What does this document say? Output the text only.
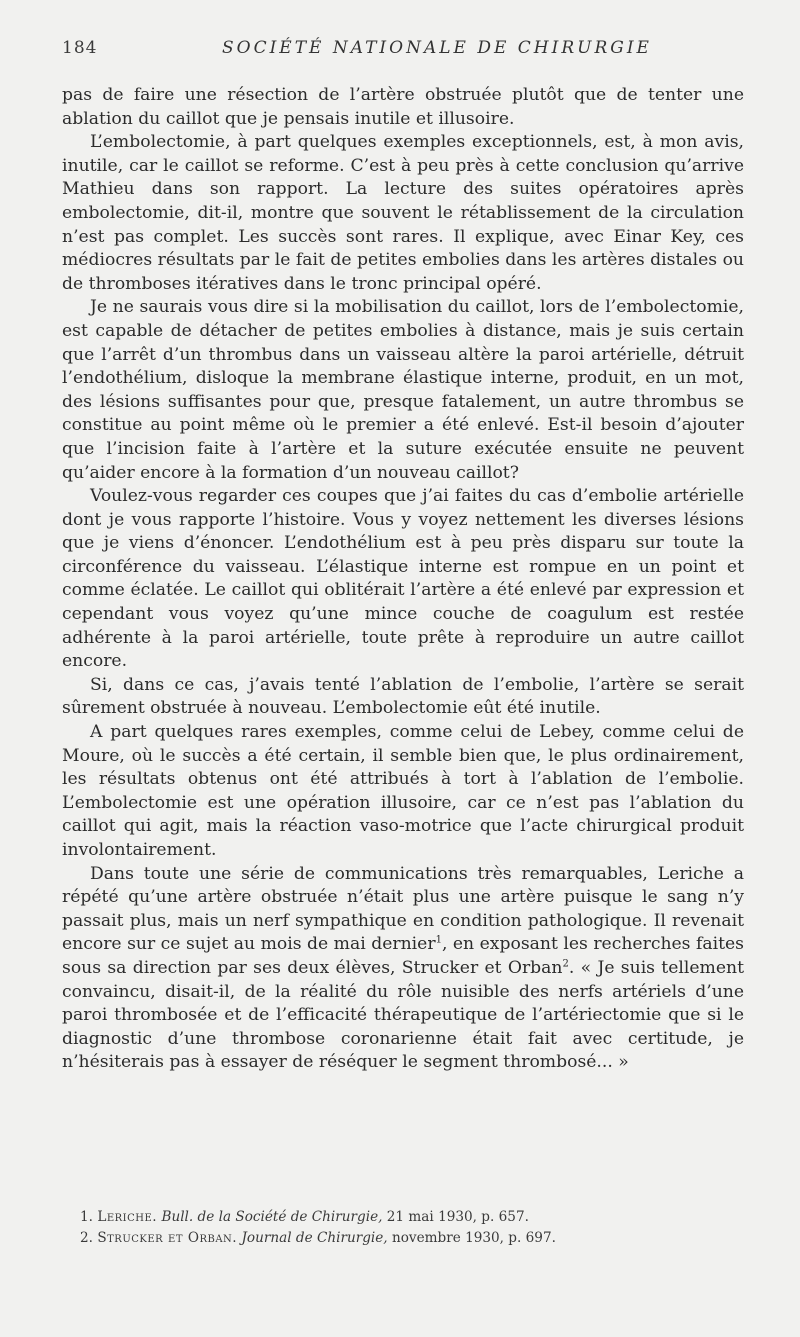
184	SOCIÉTÉ NATIONALE DE CHIRURGIE

pas de faire une résection de l’artère obstruée plutôt que de tenter une ablation du caillot que je pensais inutile et illusoire.

L’embolectomie, à part quelques exemples exceptionnels, est, à mon avis, inutile, car le caillot se reforme. C’est à peu près à cette conclusion qu’arrive Mathieu dans son rapport. La lecture des suites opératoires après embolectomie, dit-il, montre que souvent le rétablissement de la circulation n’est pas complet. Les succès sont rares. Il explique, avec Einar Key, ces médiocres résultats par le fait de petites embolies dans les artères distales ou de thromboses itératives dans le tronc principal opéré.

Je ne saurais vous dire si la mobilisation du caillot, lors de l’embolectomie, est capable de détacher de petites embolies à distance, mais je suis certain que l’arrêt d’un thrombus dans un vaisseau altère la paroi artérielle, détruit l’endothélium, disloque la membrane élastique interne, produit, en un mot, des lésions suffisantes pour que, presque fatalement, un autre thrombus se constitue au point même où le premier a été enlevé. Est-il besoin d’ajouter que l’incision faite à l’artère et la suture exécutée ensuite ne peuvent qu’aider encore à la formation d’un nouveau caillot?

Voulez-vous regarder ces coupes que j’ai faites du cas d’embolie artérielle dont je vous rapporte l’histoire. Vous y voyez nettement les diverses lésions que je viens d’énoncer. L’endothélium est à peu près disparu sur toute la circonférence du vaisseau. L’élastique interne est rompue en un point et comme éclatée. Le caillot qui oblitérait l’artère a été enlevé par expression et cependant vous voyez qu’une mince couche de coagulum est restée adhérente à la paroi artérielle, toute prête à reproduire un autre caillot encore.

Si, dans ce cas, j’avais tenté l’ablation de l’embolie, l’artère se serait sûrement obstruée à nouveau. L’embolectomie eût été inutile.

A part quelques rares exemples, comme celui de Lebey, comme celui de Moure, où le succès a été certain, il semble bien que, le plus ordinairement, les résultats obtenus ont été attribués à tort à l’ablation de l’embolie. L’embolectomie est une opération illusoire, car ce n’est pas l’ablation du caillot qui agit, mais la réaction vaso-motrice que l’acte chirurgical produit involontairement.

Dans toute une série de communications très remarquables, Leriche a répété qu’une artère obstruée n’était plus une artère puisque le sang n’y passait plus, mais un nerf sympathique en condition pathologique. Il revenait encore sur ce sujet au mois de mai dernier$^1$, en exposant les recherches faites sous sa direction par ses deux élèves, Strucker et Orban$^2$. « Je suis tellement convaincu, disait-il, de la réalité du rôle nuisible des nerfs artériels d’une paroi thrombosée et de l’efficacité thérapeutique de l’artériectomie que si le diagnostic d’une thrombose coronarienne était fait avec certitude, je n’hésiterais pas à essayer de réséquer le segment thrombosé... »

1. Leriche. Bull. de la Société de Chirurgie, 21 mai 1930, p. 657.
2. Strucker et Orban. Journal de Chirurgie, novembre 1930, p. 697.
